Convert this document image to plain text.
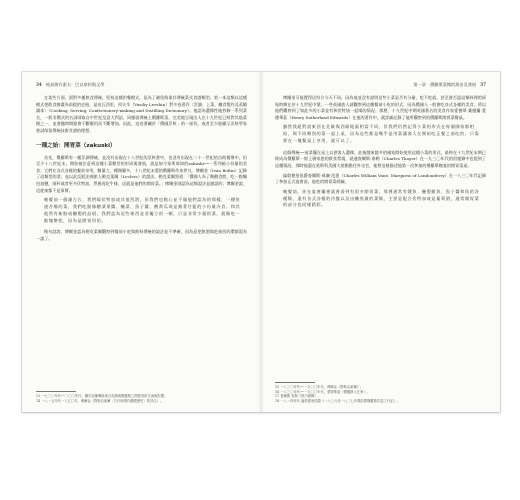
34 純真與有素夫：巴以豪料與文學

在某些方面，面對多種飲食傳統，堅持這種用餐模式，是為了避免與保存傳統菜式食譜類型。第一本這類以這種模式把飲食繪畫為前提的史冊，是由瓦西里，列夫辛（Vasiliy Levshin）對多卷著作〈烹調、上菜、糖食製作及蒸餾讀本〉（Cooking, Serving, Confectionery-making and Distilling Dictionary）。他認為選擇性地抄錄一系列菜名，一般非俄式的名詞則取自中世紀及意大利語，同樣就傳統上俄羅斯菜，完美地呈現出人在十九世紀已經對其他菜餚之一，並會隨時間點會不斷應用而不斷增加。因此，這卷書屬於「俄國烹飪」的一部份，或者至少能顯示烹飪學家嘗試保留傳統技術食譜的理想。

一種之始：開胃菜（zakuski）

首先，俄羅斯有一種烹調傳統，並沒有出現在十八世紀的烹飪書中，也沒有出現在二十一世紀的自助餐聚中，但至少十八世紀末，開始被注意到這種小菜類型的形成與發展，就是如今眾所周知的zakuski──一系列極小份量的美食；它們在各式各樣的餐前享用，數量大，種類繁多，十八世紀末葉的俄羅斯作家伊凡．博爾金（Ivan Boltin）記錄了這類型的菜；並以此反駁法國旅人勒克萊爾（Leclerc）的說法。勒克萊爾寫道：「俄國人為了喚醒食慾，吃一點麵包加鹽，兩杯或者更多伏特加，然後再吃牛排，這就是他們的開胃菜。」博爾金則認為這類說法是錯誤的；博爾金說，這從來都不是事實。

晚餐前一個鐘左右，我們喝伏特加或其他烈酒，但我們也點心並不像他們認為的那樣，一種快速吞嚥的菜，我們吃點像糖漬果醬、醃菜、魚子醬、酸黃瓜或是蕪菁甘藍的小份量冷食。和其他所有新鮮或醃製的品項，我們認為這些東西並非獨立的一頓，只是非常少量的菜，就像吃一點塊餅乾，因為是開胃用的。

換句話說，博爾金認為勒克萊爾觀察到餐前小吃與飲料傳統的說法並不準確，因為意把飲酒與吃東西的環節混為一談了。

13 一七三〇年代──二〇〇年代，關於這種傳統來自英國與俄羅斯之間貿易的交流與影響。
14 一八一五年代一八五〇年，博爾金《對勒克萊爾〈古代與現代俄國歷史〉的評注》。
第一章　俄羅斯菜餚的源由及發展 37

博爾金可能覺得這符合今天不同，因為他並沒有說明這些小菜是否有分量、吃不吃就，甚至會否認這類料理的原始時期在於十九世紀中葉，一些英國旅人就觀察到這種餐前小吃的形式，因為俄國人一般會吃各式各樣的美食，所以他們觀察到了如此多的小菜並有和伏特加一起喝的情況。那麼，十九世紀中期英國著名的美食作家愛德華·桑德蘭·愛德華茲（Henry Sutherland Edwards）在他的著作中，就詳細記錄了他所觀察到的俄羅斯開胃菜餐桌。

雖然我絕對說東西在北歐與西歐地區相當不同，但我們仍然記得小菜的形式在每個國家都相似，與不同類別的菜一起上桌，因為這些都是幾乎是用菜讓客人在開始吃正餐之前吃的，只需要在一塊餐桌上享用，就可以了。

這個傳統──前菜擺在桌上以供客人選擇，此後越來越多的國家開始使用這種小菜的形式，最終在十九世紀末期已經成為俄羅斯一般上層家庭的飲食常規，就連查爾斯·泰勒（Charles Thayer）在一九三〇年代的回憶錄中也提到了這種情況，那時他還在莫斯科美國大使館擔任外交官，他曾這樣描述他第一次參加的俄羅斯晚宴的開胃菜桌。

倫敦德里侯爵查爾斯·威廉·范恩（Charles William Vane, Marquess of Londonderry）在一八三〇年代記錄了參加正式宴會前，他吃的開胃菜經驗。

晚餐前，你在宴會廳裡就會看到有很多開胃菜，那裡通常有燻魚、醃製鯡魚、魚子醬和魚的各種類，還有各式各樣的冷盤以及由醃魚做的菜餚，主要是配合伏特加或是葡萄酒，通常開胃菜的部分也同樣精彩。
15 一八三〇年代──一九〇〇年代，博爾金《對勒克萊爾》。
16 一八三〇年代──一九〇〇年代，愛德華茲《俄羅斯人在家》。
17 查爾斯·泰勒《熊不跳舞》。
18 一八一四年代 倫敦德里侯爵《一八三六至一八三七年間訪問俄羅斯宮廷之行記》。
